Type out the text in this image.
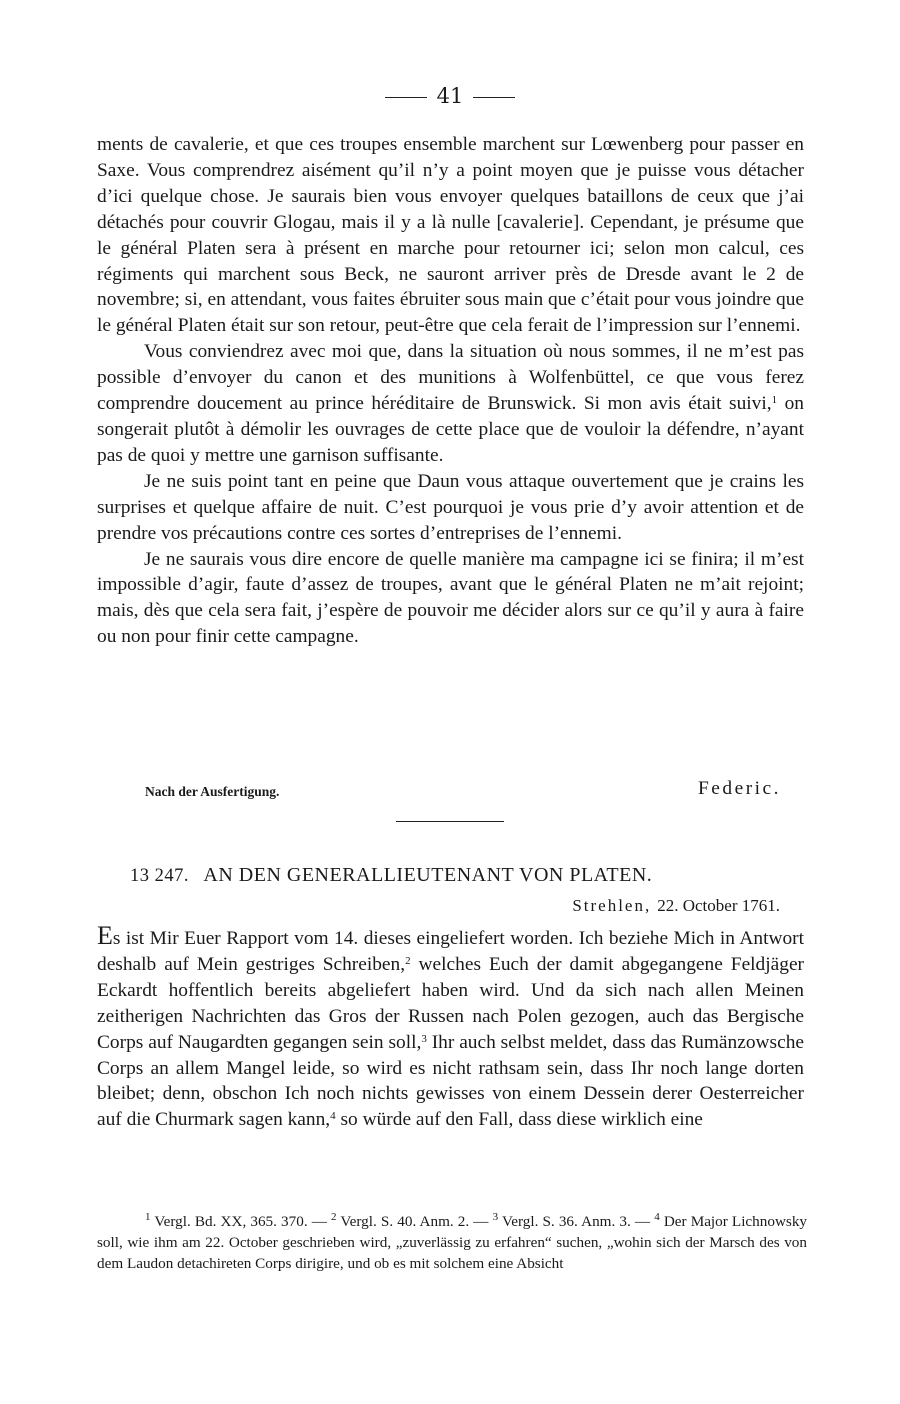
41

ments de cavalerie, et que ces troupes ensemble marchent sur Lœwenberg pour passer en Saxe. Vous comprendrez aisément qu’il n’y a point moyen que je puisse vous détacher d’ici quelque chose. Je saurais bien vous envoyer quelques bataillons de ceux que j’ai détachés pour couvrir Glogau, mais il y a là nulle [cavalerie]. Cependant, je présume que le général Platen sera à présent en marche pour retourner ici; selon mon calcul, ces régiments qui marchent sous Beck, ne sauront arriver près de Dresde avant le 2 de novembre; si, en attendant, vous faites ébruiter sous main que c’était pour vous joindre que le général Platen était sur son retour, peut-être que cela ferait de l’impression sur l’ennemi.

Vous conviendrez avec moi que, dans la situation où nous sommes, il ne m’est pas possible d’envoyer du canon et des munitions à Wolfenbüttel, ce que vous ferez comprendre doucement au prince héréditaire de Brunswick. Si mon avis était suivi,$^1$ on songerait plutôt à démolir les ouvrages de cette place que de vouloir la défendre, n’ayant pas de quoi y mettre une garnison suffisante.

Je ne suis point tant en peine que Daun vous attaque ouvertement que je crains les surprises et quelque affaire de nuit. C’est pourquoi je vous prie d’y avoir attention et de prendre vos précautions contre ces sortes d’entreprises de l’ennemi.

Je ne saurais vous dire encore de quelle manière ma campagne ici se finira; il m’est impossible d’agir, faute d’assez de troupes, avant que le général Platen ne m’ait rejoint; mais, dès que cela sera fait, j’espère de pouvoir me décider alors sur ce qu’il y aura à faire ou non pour finir cette campagne.

Nach der Ausfertigung.	Federic.
13 247. AN DEN GENERALLIEUTENANT VON PLATEN.
Strehlen, 22. October 1761.

Es ist Mir Euer Rapport vom 14. dieses eingeliefert worden. Ich beziehe Mich in Antwort deshalb auf Mein gestriges Schreiben,$^2$ welches Euch der damit abgegangene Feldjäger Eckardt hoffentlich bereits abgeliefert haben wird. Und da sich nach allen Meinen zeitherigen Nachrichten das Gros der Russen nach Polen gezogen, auch das Bergische Corps auf Naugardten gegangen sein soll,$^3$ Ihr auch selbst meldet, dass das Rumänzowsche Corps an allem Mangel leide, so wird es nicht rathsam sein, dass Ihr noch lange dorten bleibet; denn, obschon Ich noch nichts gewisses von einem Dessein derer Oesterreicher auf die Churmark sagen kann,$^4$ so würde auf den Fall, dass diese wirklich eine

$^1$ Vergl. Bd. XX, 365. 370. — $^2$ Vergl. S. 40. Anm. 2. — $^3$ Vergl. S. 36. Anm. 3. — $^4$ Der Major Lichnowsky soll, wie ihm am 22. October geschrieben wird, „zuverlässig zu erfahren“ suchen, „wohin sich der Marsch des von dem Laudon detachireten Corps dirigire, und ob es mit solchem eine Absicht
